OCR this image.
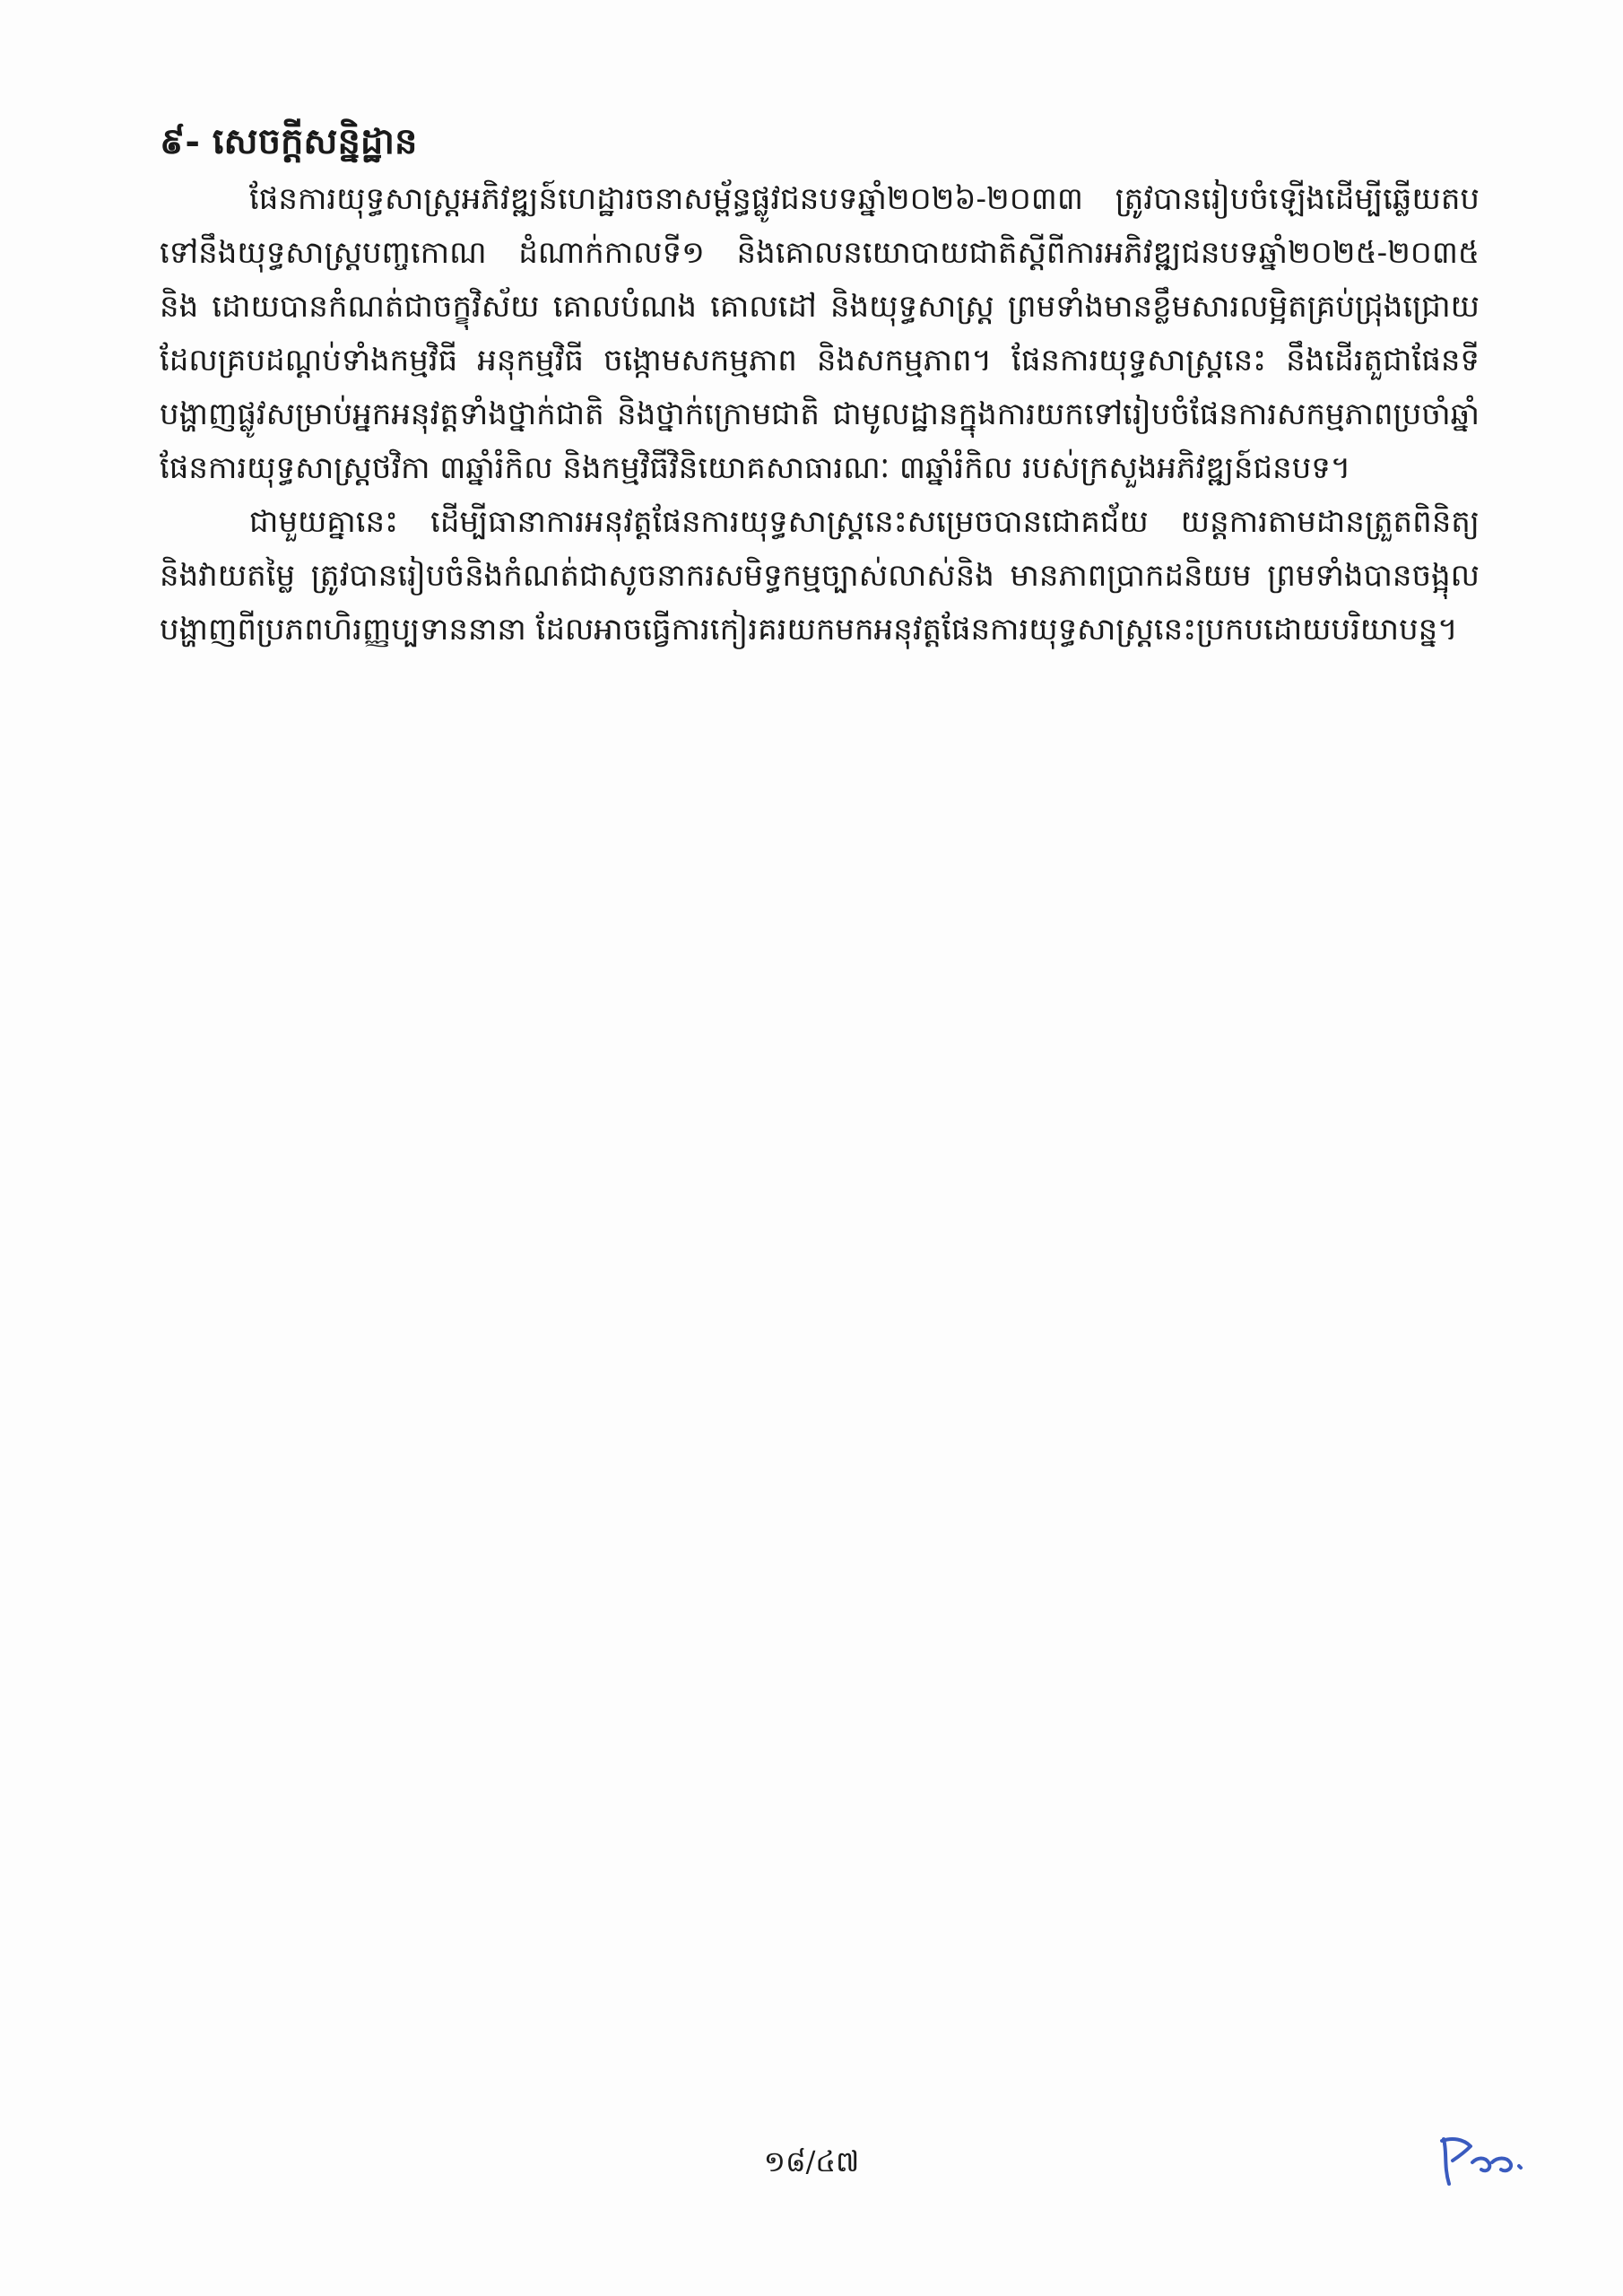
៩- សេចក្តីសន្និដ្ឋាន

ផែនការយុទ្ធសាស្ត្រអភិវឌ្ឍន៍ហេដ្ឋារចនាសម្ព័ន្ធផ្លូវជនបទឆ្នាំ២០២៦-២០៣៣ ត្រូវបានរៀបចំឡើងដើម្បីឆ្លើយតបទៅនឹងយុទ្ធសាស្ត្របញ្ចកោណ ដំណាក់កាលទី១ និងគោលនយោបាយជាតិស្តីពីការអភិវឌ្ឍជនបទឆ្នាំ២០២៥-២០៣៥ និង ដោយបានកំណត់ជាចក្ខុវិស័យ គោលបំណង គោលដៅ និងយុទ្ធសាស្ត្រ ព្រមទាំងមានខ្លឹមសារលម្អិតគ្រប់ជ្រុងជ្រោយដែលគ្របដណ្តប់ទាំងកម្មវិធី អនុកម្មវិធី ចង្កោមសកម្មភាព និងសកម្មភាព។ ផែនការយុទ្ធសាស្ត្រនេះ នឹងដើរតួជាផែនទីបង្ហាញផ្លូវសម្រាប់អ្នកអនុវត្តទាំងថ្នាក់ជាតិ និងថ្នាក់ក្រោមជាតិ ជាមូលដ្ឋានក្នុងការយកទៅរៀបចំផែនការសកម្មភាពប្រចាំឆ្នាំ ផែនការយុទ្ធសាស្ត្រថវិកា ៣ឆ្នាំរំកិល និងកម្មវិធីវិនិយោគសាធារណៈ ៣ឆ្នាំរំកិល របស់ក្រសួងអភិវឌ្ឍន៍ជនបទ។

ជាមួយគ្នានេះ ដើម្បីធានាការអនុវត្តផែនការយុទ្ធសាស្ត្រនេះសម្រេចបានជោគជ័យ យន្តការតាមដានត្រួតពិនិត្យ និងវាយតម្លៃ ត្រូវបានរៀបចំនិងកំណត់ជាសូចនាករសមិទ្ធកម្មច្បាស់លាស់និង មានភាពប្រាកដនិយម ព្រមទាំងបានចង្អុលបង្ហាញពីប្រភពហិរញ្ញប្បទាននានា ដែលអាចធ្វើការកៀរគរយកមកអនុវត្តផែនការយុទ្ធសាស្ត្រនេះប្រកបដោយបរិយាបន្ន។

១៨/៤៧
